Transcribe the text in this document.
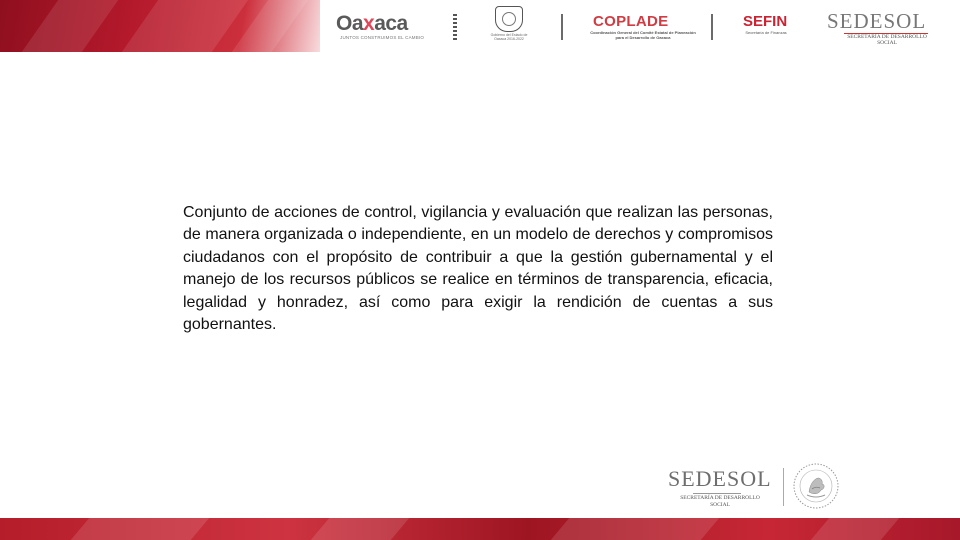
Oaxaca
JUNTOS CONSTRUIMOS EL CAMBIO	Gobierno del Estado de Oaxaca 2016-2022
COPLADE
Coordinación General del Comité Estatal de Planeación para el Desarrollo de Oaxaca
SEFIN
Secretaría de Finanzas SEDESOL
SECRETARÍA DE DESARROLLO SOCIAL

Conjunto de acciones de control, vigilancia y evaluación que realizan las personas, de manera organizada o independiente, en un modelo de derechos y compromisos ciudadanos con el propósito de contribuir a que la gestión gubernamental y el manejo de los recursos públicos se realice en términos de transparencia, eficacia, legalidad y honradez, así como para exigir la rendición de cuentas a sus gobernantes.

SEDESOL
SECRETARÍA DE DESARROLLO SOCIAL
